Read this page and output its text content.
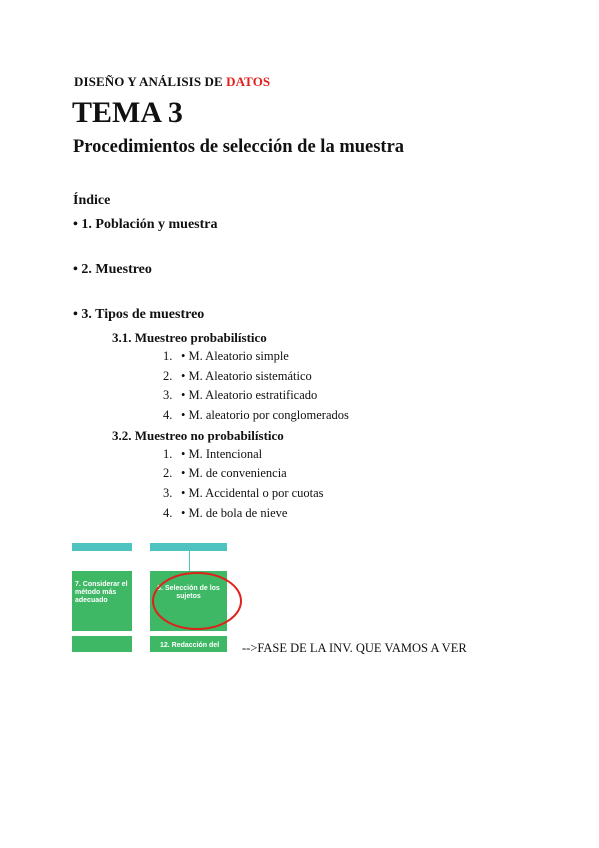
DISEÑO Y ANÁLISIS DE DATOS
TEMA 3
Procedimientos de selección de la muestra
Índice
• 1. Población y muestra
• 2. Muestreo
• 3. Tipos de muestreo
3.1. Muestreo probabilístico
1. • M. Aleatorio simple
2. • M. Aleatorio sistemático
3. • M. Aleatorio estratificado
4. • M. aleatorio por conglomerados
3.2. Muestreo no probabilístico
1. • M. Intencional
2. • M. de conveniencia
3. • M. Accidental o por cuotas
4. • M. de bola de nieve
7. Considerar el método más adecuado
8. Selección de los sujetos
12. Redacción del	-->FASE DE LA INV. QUE VAMOS A VER
